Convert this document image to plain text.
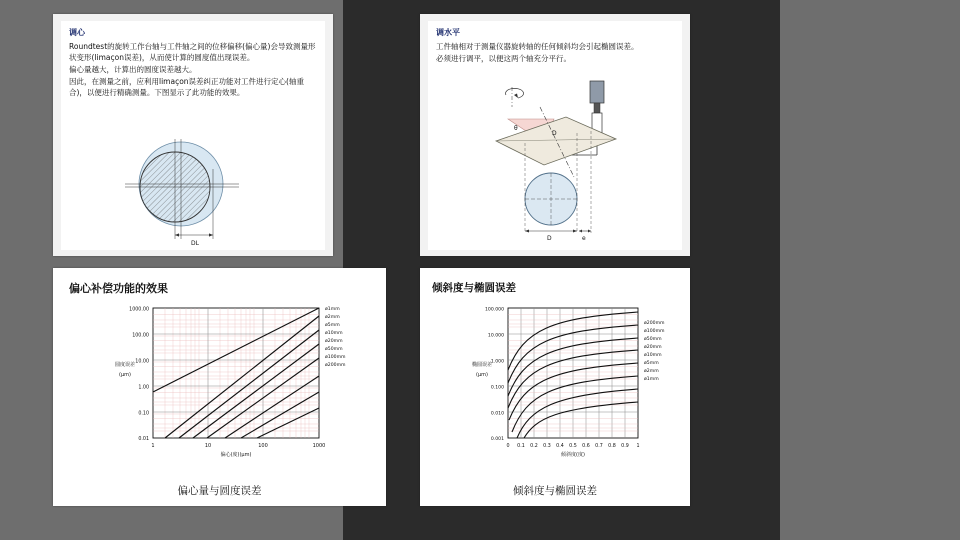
调心

Roundtest的旋转工作台轴与工件轴之间的位移偏移(偏心量)会导致测量形状变形(limaçon误差)，从而使计算的圆度值出现误差。

偏心量越大，计算出的圆度误差越大。

因此，在测量之前，应利用limaçon误差纠正功能对工件进行定心(轴重合)，以便进行精确测量。下图显示了此功能的效果。

DL
调水平

工件轴相对于测量仪器旋转轴的任何倾斜均会引起椭圆误差。

必须进行调平，以便这两个轴充分平行。

θ
D
D	e
偏心补偿功能的效果
1000.00
100.00
10.00
1.00
0.10
0.01
1	10	100	1000
偏心(度)(μm)
圆度误差
(μm)
ø1mm
ø2mm
ø5mm
ø10mm
ø20mm
ø50mm
ø100mm
ø200mm
偏心量与圆度误差
倾斜度与椭圆误差
100.000
10.000
1.000
0.100
0.010
0.001
0 0.1 0.2 0.3 0.4 0.5 0.6 0.7 0.8 0.9 1
倾斜度(度)
椭圆误差
(μm)
ø200mm
ø100mm
ø50mm
ø20mm
ø10mm
ø5mm
ø2mm
ø1mm
倾斜度与椭圆误差
